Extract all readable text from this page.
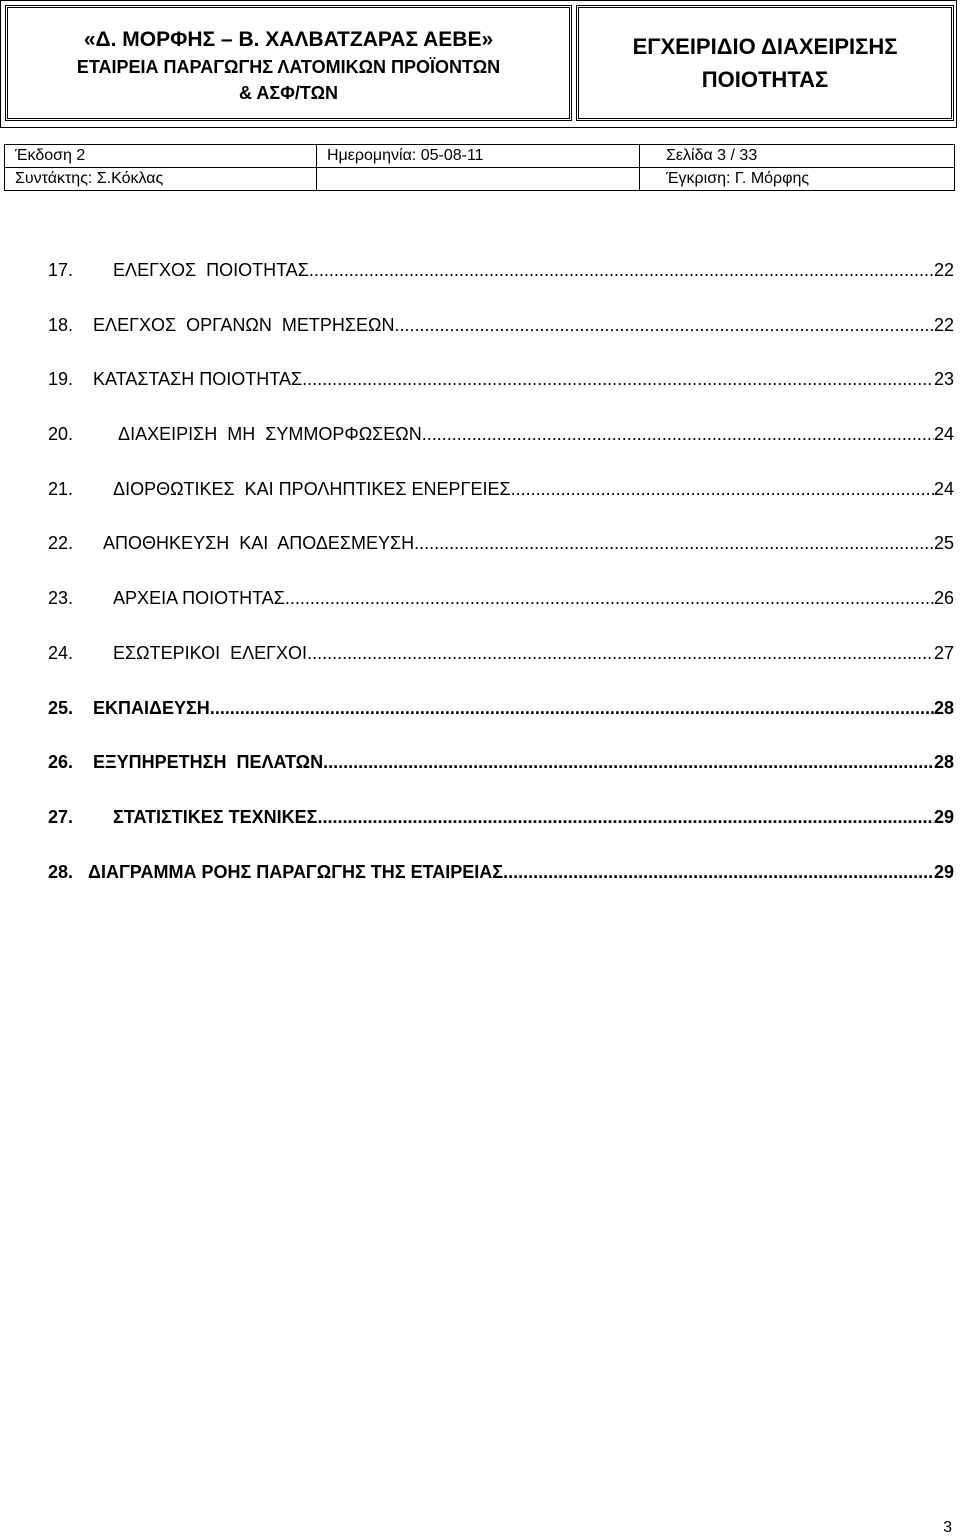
«Δ. ΜΟΡΦΗΣ – Β. ΧΑΛΒΑΤΖΑΡΑΣ ΑΕΒΕ»
ΕΤΑΙΡΕΙΑ ΠΑΡΑΓΩΓΗΣ ΛΑΤΟΜΙΚΩΝ ΠΡΟΪΟΝΤΩΝ
& ΑΣΦ/ΤΩΝ
ΕΓΧΕΙΡΙΔΙΟ ΔΙΑΧΕΙΡΙΣΗΣ
ΠΟΙΟΤΗΤΑΣ
Έκδοση 2	Ημερομηνία: 05-08-11	Σελίδα 3 / 33
Συντάκτης: Σ.Κόκλας		Έγκριση: Γ. Μόρφης
17.
ΕΛΕΓΧΟΣ  ΠΟΙΟΤΗΤΑΣ .....	22
18.
ΕΛΕΓΧΟΣ  ΟΡΓΑΝΩΝ  ΜΕΤΡΗΣΕΩΝ .....	22
19.
ΚΑΤΑΣΤΑΣΗ ΠΟΙΟΤΗΤΑΣ .....	23
20.
	ΔΙΑΧΕΙΡΙΣΗ  ΜΗ  ΣΥΜΜΟΡΦΩΣΕΩΝ .....	24
21.
ΔΙΟΡΘΩΤΙΚΕΣ  ΚΑΙ ΠΡΟΛΗΠΤΙΚΕΣ ΕΝΕΡΓΕΙΕΣ .....	24
22.
ΑΠΟΘΗΚΕΥΣΗ  ΚΑΙ  ΑΠΟΔΕΣΜΕΥΣΗ .....	25
23.
ΑΡΧΕΙΑ ΠΟΙΟΤΗΤΑΣ .....	26
24.
ΕΣΩΤΕΡΙΚΟΙ  ΕΛΕΓΧΟΙ .....	27
25.
ΕΚΠΑΙΔΕΥΣΗ .....	28
26.
ΕΞΥΠΗΡΕΤΗΣΗ  ΠΕΛΑΤΩΝ .....	28
27.
ΣΤΑΤΙΣΤΙΚΕΣ ΤΕΧΝΙΚΕΣ .....	29
28.
ΔΙΑΓΡΑΜΜΑ ΡΟΗΣ ΠΑΡΑΓΩΓΗΣ ΤΗΣ ΕΤΑΙΡΕΙΑΣ .....	29
3
